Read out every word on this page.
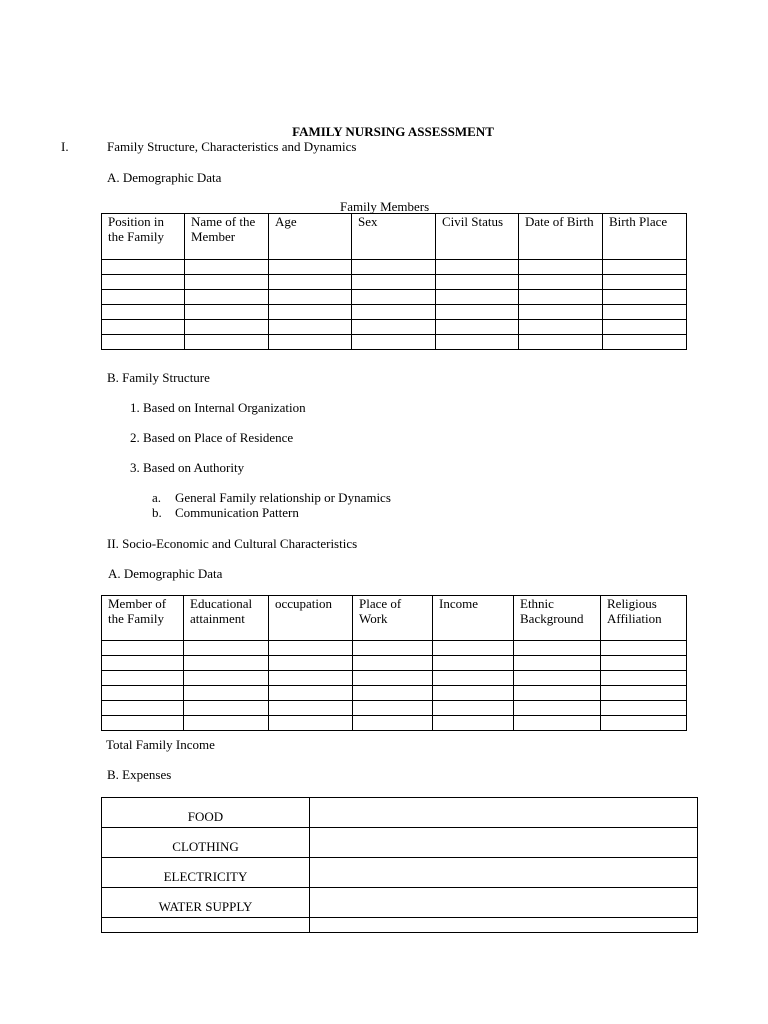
FAMILY NURSING ASSESSMENT
I.	Family Structure, Characteristics and Dynamics
A. Demographic Data
Family Members
Position in the Family	Name of the Member	Age	Sex	Civil Status	Date of Birth	Birth Place

B. Family Structure
1. Based on Internal Organization
2. Based on Place of Residence
3. Based on Authority
a. General Family relationship or Dynamics
b. Communication Pattern
II. Socio-Economic and Cultural Characteristics
A. Demographic Data
Member of the Family	Educational attainment	occupation	Place of Work	Income	Ethnic Background	Religious Affiliation

Total Family Income
B. Expenses
FOOD	
CLOTHING	
ELECTRICITY	
WATER SUPPLY	
